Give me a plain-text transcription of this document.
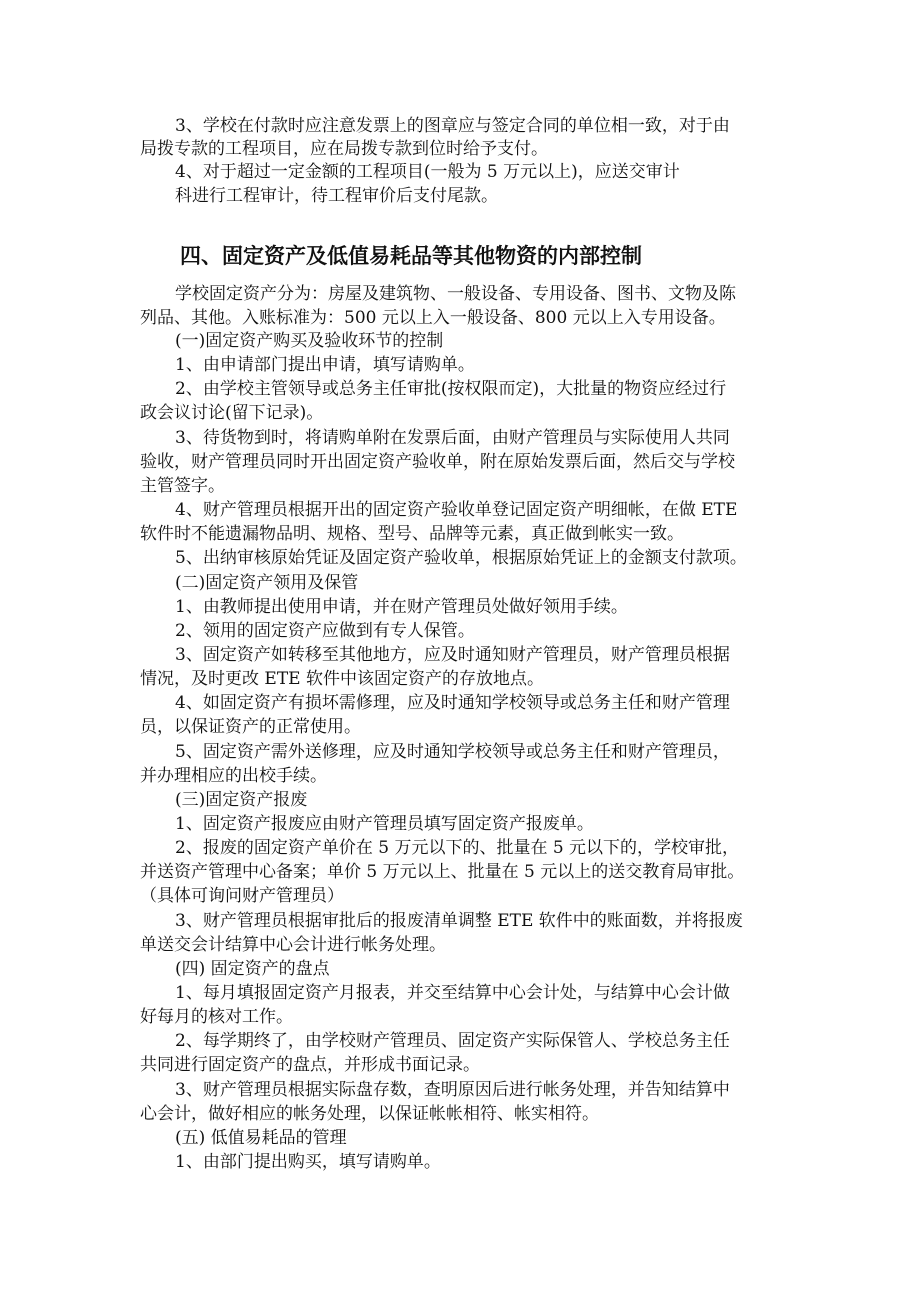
3、学校在付款时应注意发票上的图章应与签定合同的单位相一致，对于由
局拨专款的工程项目，应在局拨专款到位时给予支付。
4、对于超过一定金额的工程项目(一般为 5 万元以上)，应送交审计
科进行工程审计，待工程审价后支付尾款。
四、固定资产及低值易耗品等其他物资的内部控制
学校固定资产分为：房屋及建筑物、一般设备、专用设备、图书、文物及陈
列品、其他。入账标准为：500 元以上入一般设备、800 元以上入专用设备。
(一)固定资产购买及验收环节的控制
1、由申请部门提出申请，填写请购单。
2、由学校主管领导或总务主任审批(按权限而定)，大批量的物资应经过行
政会议讨论(留下记录)。
3、待货物到时，将请购单附在发票后面，由财产管理员与实际使用人共同
验收，财产管理员同时开出固定资产验收单，附在原始发票后面，然后交与学校
主管签字。
4、财产管理员根据开出的固定资产验收单登记固定资产明细帐，在做 ETE
软件时不能遗漏物品明、规格、型号、品牌等元素，真正做到帐实一致。
5、出纳审核原始凭证及固定资产验收单，根据原始凭证上的金额支付款项。
(二)固定资产领用及保管
1、由教师提出使用申请，并在财产管理员处做好领用手续。
2、领用的固定资产应做到有专人保管。
3、固定资产如转移至其他地方，应及时通知财产管理员，财产管理员根据
情况，及时更改 ETE 软件中该固定资产的存放地点。
4、如固定资产有损坏需修理，应及时通知学校领导或总务主任和财产管理
员，以保证资产的正常使用。
5、固定资产需外送修理，应及时通知学校领导或总务主任和财产管理员，
并办理相应的出校手续。
(三)固定资产报废
1、固定资产报废应由财产管理员填写固定资产报废单。
2、报废的固定资产单价在 5 万元以下的、批量在 5 元以下的，学校审批，
并送资产管理中心备案；单价 5 万元以上、批量在 5 元以上的送交教育局审批。
（具体可询问财产管理员）
3、财产管理员根据审批后的报废清单调整 ETE 软件中的账面数，并将报废
单送交会计结算中心会计进行帐务处理。
(四) 固定资产的盘点
1、每月填报固定资产月报表，并交至结算中心会计处，与结算中心会计做
好每月的核对工作。
2、每学期终了，由学校财产管理员、固定资产实际保管人、学校总务主任
共同进行固定资产的盘点，并形成书面记录。
3、财产管理员根据实际盘存数，查明原因后进行帐务处理，并告知结算中
心会计，做好相应的帐务处理，以保证帐帐相符、帐实相符。
(五) 低值易耗品的管理
1、由部门提出购买，填写请购单。
